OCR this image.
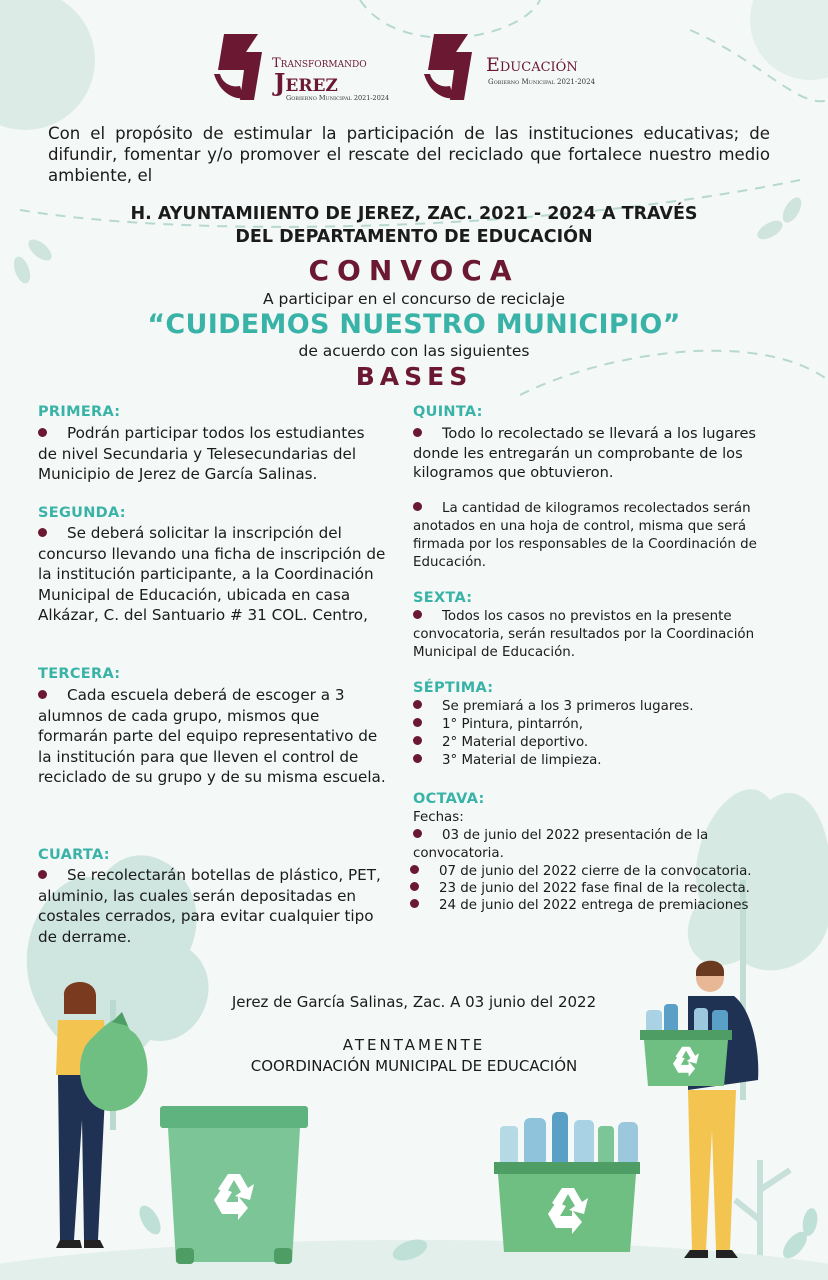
Transformando
Jerez
Gobierno Municipal 2021-2024
Educación
Gobierno Municipal 2021-2024
Con el propósito de estimular la participación de las instituciones educativas; de difundir, fomentar y/o promover el rescate del reciclado que fortalece nuestro medio ambiente, el
H. AYUNTAMIIENTO DE JEREZ, ZAC. 2021 - 2024 A TRAVÉS
DEL DEPARTAMENTO DE EDUCACIÓN
CONVOCA
A participar en el concurso de reciclaje
“CUIDEMOS NUESTRO MUNICIPIO”
de acuerdo con las siguientes
BASES
PRIMERA:
Podrán participar todos los estudiantes de nivel Secundaria y Telesecundarias del Municipio de Jerez de García Salinas.
SEGUNDA:
Se deberá solicitar la inscripción del concurso llevando una ficha de inscripción de la institución participante, a la Coordinación Municipal de Educación, ubicada en casa Alkázar, C. del Santuario # 31 COL. Centro,
TERCERA:
Cada escuela deberá de escoger a 3 alumnos de cada grupo, mismos que formarán parte del equipo representativo de la institución para que lleven el control de reciclado de su grupo y de su misma escuela.
CUARTA:
Se recolectarán botellas de plástico, PET, aluminio, las cuales serán depositadas en costales cerrados, para evitar cualquier tipo de derrame.
QUINTA:
Todo lo recolectado se llevará a los lugares donde les entregarán un comprobante de los kilogramos que obtuvieron.
La cantidad de kilogramos recolectados serán anotados en una hoja de control, misma que será firmada por los responsables de la Coordinación de Educación.
SEXTA:
Todos los casos no previstos en la presente convocatoria, serán resultados por la Coordinación Municipal de Educación.
SÉPTIMA:
Se premiará a los 3 primeros lugares.
1° Pintura, pintarrón,
2° Material deportivo.
3° Material de limpieza.
OCTAVA:
Fechas:
03 de junio del 2022 presentación de la convocatoria.
07 de junio del 2022 cierre de la convocatoria.
23 de junio del 2022 fase final de la recolecta.
24 de junio del 2022 entrega de premiaciones
Jerez de García Salinas, Zac. A 03 junio del 2022
ATENTAMENTE
COORDINACIÓN MUNICIPAL DE EDUCACIÓN
